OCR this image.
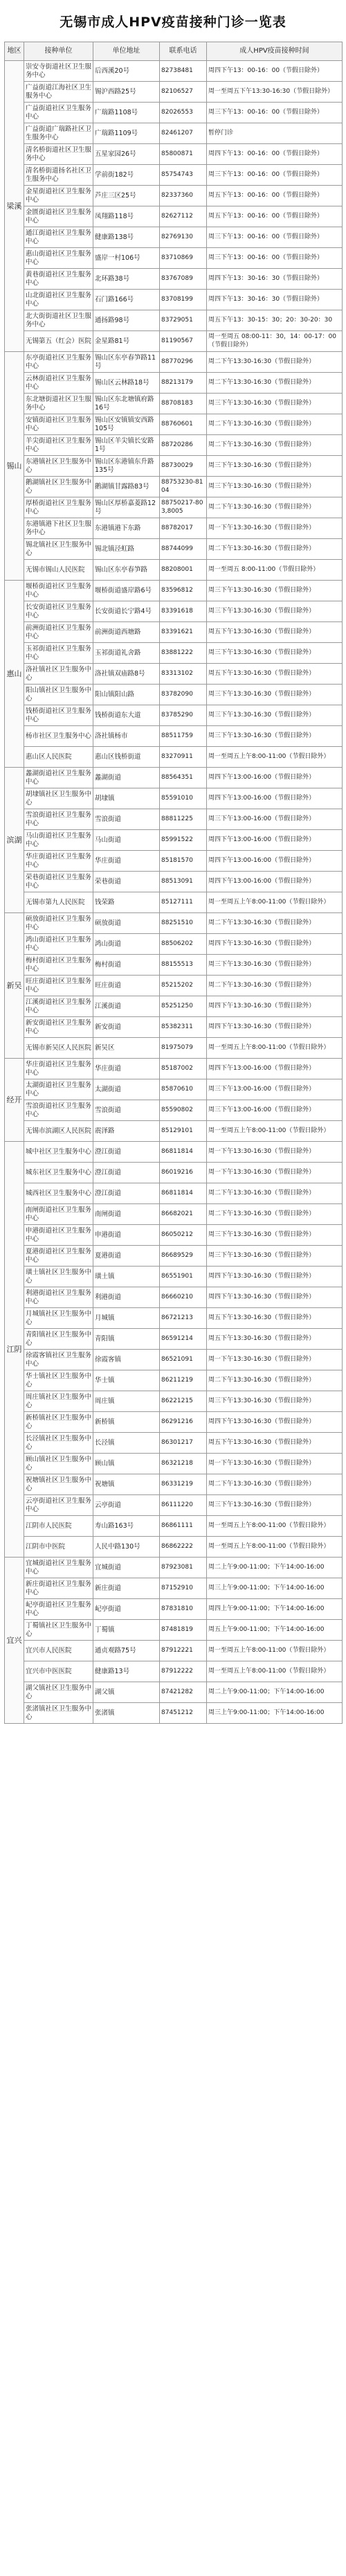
无锡市成人HPV疫苗接种门诊一览表
地区	接种单位	单位地址	联系电话	成人HPV疫苗接种时间
梁溪	崇安寺街道社区卫生服务中心	后西溪20号	82738481	周四下午13：00-16：00（节假日除外）
	广益街道江海社区卫生服务中心	锡沪西路25号	82106527	周一至周五下午13:30-16:30（节假日除外）
	广益街道社区卫生服务中心	广瑞路1108号	82026553	周三下午13：00-16：00（节假日除外）
	广益街道广瑞路社区卫生服务中心	广瑞路1109号	82461207	暂停门诊
	清名桥街道社区卫生服务中心	五星家园26号	85800871	周四下午13：00-16：00（节假日除外）
	清名桥街道扬名社区卫生服务中心	学前街182号	85754743	周三下午13：00-16：00（节假日除外）
	金星街道社区卫生服务中心	芦庄三区25号	82337360	周五下午13：00-16：00（节假日除外）
	金匮街道社区卫生服务中心	凤翔路118号	82627112	周五下午13：00-16：00（节假日除外）
	通江街道社区卫生服务中心	健康路138号	82769130	周三下午13：00-16：00（节假日除外）
	惠山街道社区卫生服务中心	盛岸一村106号	83710869	周三下午13：00-16：00（节假日除外）
	黄巷街道社区卫生服务中心	北环路38号	83767089	周四下午13：30-16：30（节假日除外）
	山北街道社区卫生服务中心	石门路166号	83708199	周四下午13：30-16：30（节假日除外）
	北大街街道社区卫生服务中心	通扬路98号	83729051	周五下午13：30-15：30；20：30-20：30
	无锡第五（红会）医院	金星路81号	81190567	周一至周五 08:00-11：30，14：00-17：00（节假日除外）
锡山	东亭街道社区卫生服务中心	锡山区东亭春笋路11号	88770296	周二下午13:30-16:30（节假日除外）
	云林街道社区卫生服务中心	锡山区云林路18号	88213179	周二下午13:30-16:30（节假日除外）
	东北塘街道社区卫生服务中心	锡山区东北塘镇府路16号	88708183	周三下午13:30-16:30（节假日除外）
	安镇街道社区卫生服务中心	锡山区安镇镇安西路105号	88760601	周二下午13:30-16:30（节假日除外）
	羊尖街道社区卫生服务中心	锡山区羊尖镇长安路1号	88720286	周二下午13:30-16:30（节假日除外）
	东港镇社区卫生服务中心	锡山区东港镇东升路135号	88730029	周三下午13:30-16:30（节假日除外）
	鹅湖镇社区卫生服务中心	鹅湖镇甘露路83号	88753230-8104	周三下午13:30-16:30（节假日除外）
	厚桥街道社区卫生服务中心	锡山区厚桥嘉菱路12号	88750217-803,8005	周二下午13:30-16:30（节假日除外）
	东港镇港下社区卫生服务中心	东港镇港下东路	88782017	周一下午13:30-16:30（节假日除外）
	锡北镇社区卫生服务中心	锡北镇泾虹路	88744099	周二下午13:30-16:30（节假日除外）
	无锡市锡山人民医院	锡山区东亭春笋路	88208001	周一至周五 8:00-11:00（节假日除外）
惠山	堰桥街道社区卫生服务中心	堰桥街道盛岸路6号	83596812	周三下午13:30-16:30（节假日除外）
	长安街道社区卫生服务中心	长安街道长宁路4号	83391618	周三下午13:30-16:30（节假日除外）
	前洲街道社区卫生服务中心	前洲街道西塘路	83391621	周五下午13:30-16:30（节假日除外）
	玉祁街道社区卫生服务中心	玉祁街道礼舍路	83881222	周三下午13:30-16:30（节假日除外）
	洛社镇社区卫生服务中心	洛社镇双庙路8号	83313102	周五下午13:30-16:30（节假日除外）
	阳山镇社区卫生服务中心	阳山镇阳山路	83782090	周三下午13:30-16:30（节假日除外）
	钱桥街道社区卫生服务中心	钱桥街道东大道	83785290	周三下午13:30-16:30（节假日除外）
	杨市社区卫生服务中心	洛社镇杨市	88511759	周三下午13:30-16:30（节假日除外）
	惠山区人民医院	惠山区钱桥街道	83270911	周一至周五上午8:00-11:00（节假日除外）
滨湖	蠡湖街道社区卫生服务中心	蠡湖街道	88564351	周四下午13:00-16:00（节假日除外）
	胡埭镇社区卫生服务中心	胡埭镇	85591010	周四下午13:00-16:00（节假日除外）
	雪浪街道社区卫生服务中心	雪浪街道	88811225	周三下午13:00-16:00（节假日除外）
	马山街道社区卫生服务中心	马山街道	85991522	周四下午13:00-16:00（节假日除外）
	华庄街道社区卫生服务中心	华庄街道	85181570	周四下午13:00-16:00（节假日除外）
	荣巷街道社区卫生服务中心	荣巷街道	88513091	周四下午13:00-16:00（节假日除外）
	无锡市第九人民医院	钱荣路	85127111	周一至周五上午8:00-11:00（节假日除外）
新吴	硕放街道社区卫生服务中心	硕放街道	88251510	周二下午13:30-16:30（节假日除外）
	鸿山街道社区卫生服务中心	鸿山街道	88506202	周四下午13:30-16:30（节假日除外）
	梅村街道社区卫生服务中心	梅村街道	88155513	周三下午13:30-16:30（节假日除外）
	旺庄街道社区卫生服务中心	旺庄街道	85215202	周二下午13:30-16:30（节假日除外）
	江溪街道社区卫生服务中心	江溪街道	85251250	周四下午13:30-16:30（节假日除外）
	新安街道社区卫生服务中心	新安街道	85382311	周四下午13:30-16:30（节假日除外）
	无锡市新吴区人民医院	新吴区	81975079	周一至周五上午8:00-11:00（节假日除外）
经开	华庄街道社区卫生服务中心	华庄街道	85187002	周四下午13:00-16:00（节假日除外）
	太湖街道社区卫生服务中心	太湖街道	85870610	周三下午13:00-16:00（节假日除外）
	雪浪街道社区卫生服务中心	雪浪街道	85590802	周三下午13:00-16:00（节假日除外）
	无锡市滨湖区人民医院	震泽路	85129101	周一至周五上午8:00-11:00（节假日除外）
江阴	城中社区卫生服务中心	澄江街道	86811814	周一下午13:30-16:30（节假日除外）
	城东社区卫生服务中心	澄江街道	86019216	周一下午13:30-16:30（节假日除外）
	城西社区卫生服务中心	澄江街道	86811814	周二下午13:30-16:30（节假日除外）
	南闸街道社区卫生服务中心	南闸街道	86682021	周二下午13:30-16:30（节假日除外）
	申港街道社区卫生服务中心	申港街道	86050212	周三下午13:30-16:30（节假日除外）
	夏港街道社区卫生服务中心	夏港街道	86689529	周三下午13:30-16:30（节假日除外）
	璜土镇社区卫生服务中心	璜土镇	86551901	周四下午13:30-16:30（节假日除外）
	利港街道社区卫生服务中心	利港街道	86660210	周四下午13:30-16:30（节假日除外）
	月城镇社区卫生服务中心	月城镇	86721213	周五下午13:30-16:30（节假日除外）
	青阳镇社区卫生服务中心	青阳镇	86591214	周五下午13:30-16:30（节假日除外）
	徐霞客镇社区卫生服务中心	徐霞客镇	86521091	周一下午13:30-16:30（节假日除外）
	华士镇社区卫生服务中心	华士镇	86211219	周二下午13:30-16:30（节假日除外）
	周庄镇社区卫生服务中心	周庄镇	86221215	周三下午13:30-16:30（节假日除外）
	新桥镇社区卫生服务中心	新桥镇	86291216	周四下午13:30-16:30（节假日除外）
	长泾镇社区卫生服务中心	长泾镇	86301217	周五下午13:30-16:30（节假日除外）
	顾山镇社区卫生服务中心	顾山镇	86321218	周一下午13:30-16:30（节假日除外）
	祝塘镇社区卫生服务中心	祝塘镇	86331219	周二下午13:30-16:30（节假日除外）
	云亭街道社区卫生服务中心	云亭街道	86111220	周三下午13:30-16:30（节假日除外）
	江阴市人民医院	寿山路163号	86861111	周一至周五上午8:00-11:00（节假日除外）
	江阴市中医院	人民中路130号	86862222	周一至周五上午8:00-11:00（节假日除外）
宜兴	宜城街道社区卫生服务中心	宜城街道	87923081	周二上午9:00-11:00；下午14:00-16:00
	新庄街道社区卫生服务中心	新庄街道	87152910	周三上午9:00-11:00；下午14:00-16:00
	屺亭街道社区卫生服务中心	屺亭街道	87831810	周四上午9:00-11:00；下午14:00-16:00
	丁蜀镇社区卫生服务中心	丁蜀镇	87481819	周五上午9:00-11:00；下午14:00-16:00
	宜兴市人民医院	通贞观路75号	87912221	周一至周五上午8:00-11:00（节假日除外）
	宜兴市中医医院	健康路13号	87912222	周一至周五上午8:00-11:00（节假日除外）
	湖父镇社区卫生服务中心	湖父镇	87421282	周二上午9:00-11:00；下午14:00-16:00
	张渚镇社区卫生服务中心	张渚镇	87451212	周三上午9:00-11:00；下午14:00-16:00
